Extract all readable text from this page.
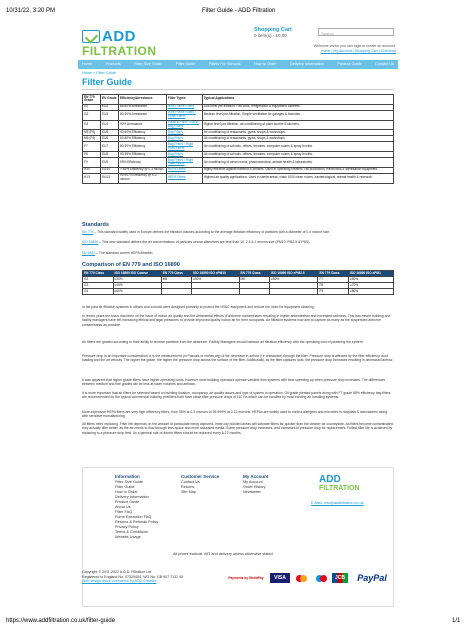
10/31/22, 3:20 PM	Filter Guide - ADD Filtration
ADD
FILTRATION
Shopping Cart
0 item(s) - £0.00	Search
Welcome visitor you can login or create an account.
Home | My Account | Shopping Cart | Checkout
Home	Products	Filter Size Guide	Filter Guide	Filters For Schools	How to Order	Delivery Information	Product Guide	Contact Us
Home » Filter Guide
Filter Guide
EN 779 Grade	EU Grade	Efficiency/Arrestance	Filter Types	Typical Applications
G2	EU2	65-80% Arrestance	Wire Frame Filters	Low level pre-filtration. Fan coils, refrigeration & equipment cabinets.
G3	EU3	80-90% Arrestance	Wire Frame Filters / Panel Filters	Medium level pre-filtration. Simple ventilation for garages & factories.
G4	EU4	90% Arrestance	Pleated Panel Filters / Bag Filters	Higher level pre-filtration, air conditioning of paint booths & kitchens.
M5 (F5)	EU5	40-60% Efficiency	Bag Filters	Air conditioning of restaurants, gyms, shops & workshops.
M6 (F6)	EU6	60-80% Efficiency	Bag Filters	Air conditioning of restaurants, gyms, shops & workshops.
F7	EU7	80-90% Efficiency	Bag Filters / Rigid Pack Filters	Air conditioning of schools, offices, theatres, computer rooms & spray booths.
F8	EU8	90-95% Efficiency	Bag Filters	Air conditioning of schools, offices, theatres, computer rooms & spray booths.
F9	EU9	95% Efficiency	Bag Filters / Rigid Pack Filters	Air conditioning of clean rooms, pharmaceutical, animal health & laboratories.
H10	EU10	> 85% Efficiency @ 0.3 micron	HEPA Filters	Highly effective against bacteria & smokes. Used in operating theatres, rail production, electronics & sterilisation equipment.
H13	EU13	99.997% Efficiency @ 0.3 micron	HEPA Filters	Highest air quality applications. Used in sterile areas, class 1000 clean rooms, bacteriological, animal health & research.
Standards
EN 779 – This standard widely used in Europe defines the filtration classes according to the average filtration efficiency of particles with a diameter of 0.4 micron size.
ISO 16890 – This new standard defines the air concentrations of particles whose diameters are less than 10, 2.5 & 1 micron size (PM10, PM2.5 & PM1).
EN 1822 – The standard covers HEPA filtration.
Comparison of EN 779 and ISO 16890
EN 779 Class	ISO 16890 ISO Coarse	EN 779 Class	ISO 16890 ISO ePM10	EN 779 Class	ISO 16890 ISO ePM2.5	EN 779 Class	ISO 16890 ISO ePM1
G2	≥30%	M5	≥50%	M6	≥50%	F7	≥50%
G3	≥45%					F8	≥70%
G4	≥60%					F9	≥80%
In the past air filtration systems in offices and schools were designed primarily to protect the HVAC equipment and reduce the need for equipment cleaning.
In recent years the focus has been on the issue of indoor air quality and the detrimental effects of airborne contaminants resulting in higher absenteeism and increased sickness. This has meant building and facility managers have felt increasing ethical and legal pressures to provide improved quality indoor air for their occupants. Air filtration systems now aim to capture as many as the suspended airborne contaminants as possible.
Air filters are graded according to their ability to remove particles from the airstream. Facility Managers should balance air filtration efficiency with the operating cost of powering the system.
Pressure drop is an important consideration, it is the measurement (in Pascals or inches wg) of the decrease in airflow (i.e resistance) through the filter. Pressure drop is affected by the filter efficiency, dust loading and the air velocity. The higher the grade, the higher the pressure drop across the surface of the filter. Additionally, as the filter captures dust, the pressure drop increases resulting in decreased airflow.
It was apparent that higher grade filters have higher operating costs, however most building operators operate variable flow systems with fans speeding up when pressure drop increases. The differences between medium and fine grades will be less at lower volumes and airflows.
It is more important that air filters be selected based on building location, occupancy, air quality issues and type of system in operation. Oil grade pleated panels along with F7 grade 85% efficiency bag filters are recommended for the typical commercial building, prefilters both have clean filter pressure drops of 110 Pa which can be handled by most existing air handling systems.
More expensive HEPA filters are very high efficiency filters, from 95% at 0.3 microns to 99.999% at 0.12 microns. HEPAs are widely used to control allergens and microbes in hospitals & laboratories along with sensitive manufacturing.
All filters need replacing. Filter life depends on the amount of particulate being captured. Inner city polluted areas will saturate filters far quicker than the cleaner air countryside. As filters become contaminated they actually filter better, as the air needs to flow through less space and more saturated media. Some pressure drop increases, and increases in pressure drop for replacement. Fullest filter life is achieved by replacing to a pressure drop limit. As a general rule-of-thumb filters should be replaced every 6-12 months.
Information
Filter Size Guide
Filter Guide
How to Order
Delivery Information
Product Guide
About Us
Filter FAQ
Fume Extraction FAQ
Returns & Refunds Policy
Privacy Policy
Terms & Conditions
Website Usage
Customer Service
Contact Us
Returns
Site Map
My Account
My Account
Order History
Newsletter
ADD
FILTRATION
E-Mail: info@addfiltration.co.uk
All prices exclude VAT and delivery unless otherwise stated
Copyright © 2011-2022 A.D.D. Filtration Ltd
Registered in England No. 07325404. VAT No. GB 907 7132 95
Web design and e-commerce by ADD Creative
Payments by WorldPay	VISA	JCB	PayPal
https://www.addfiltration.co.uk/filter-guide	1/1
